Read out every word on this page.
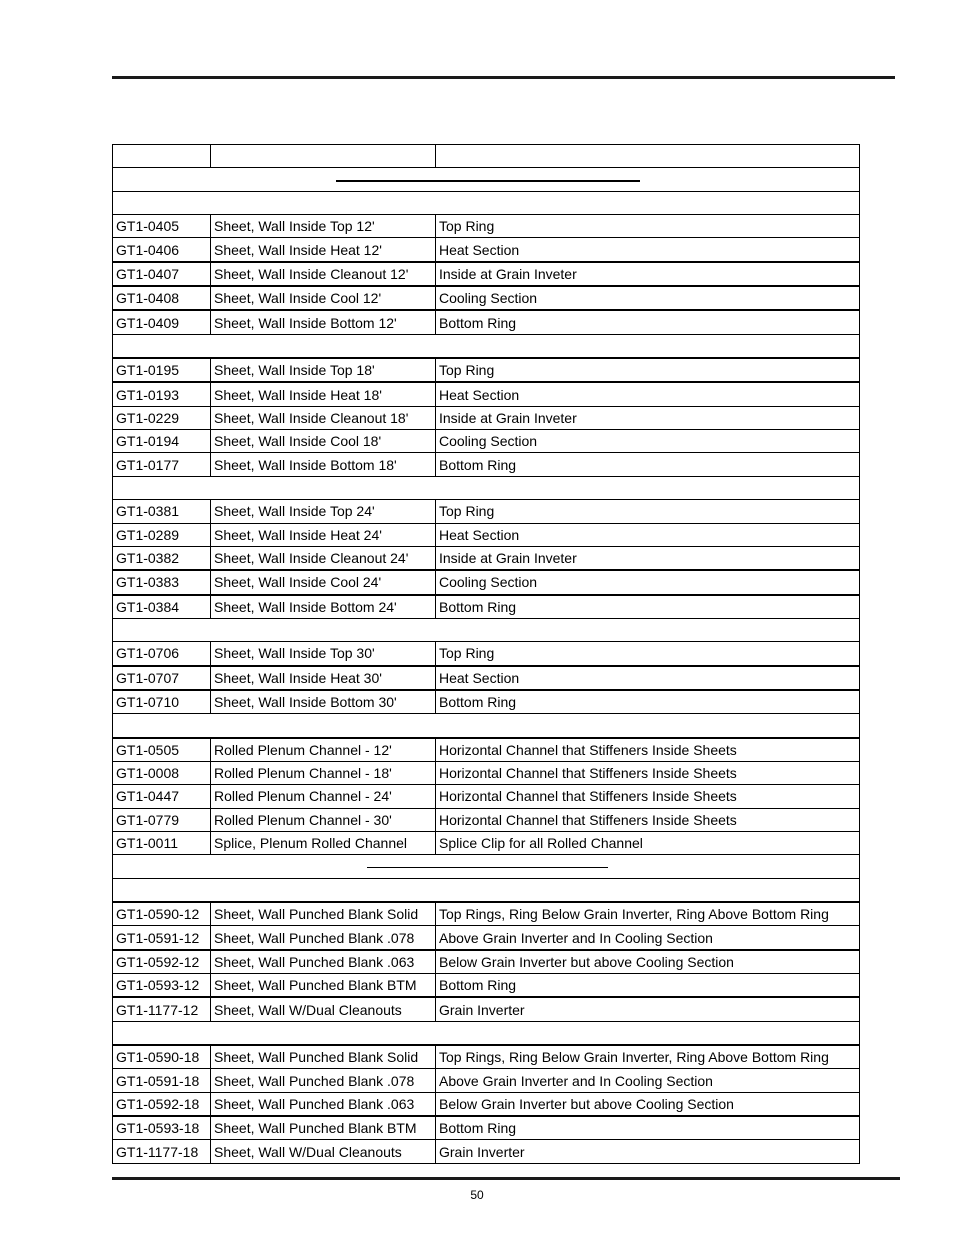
GT1-0405	Sheet, Wall Inside Top 12'	Top Ring
GT1-0406	Sheet, Wall Inside Heat 12'	Heat Section
GT1-0407	Sheet, Wall Inside Cleanout 12'	Inside at Grain Inveter
GT1-0408	Sheet, Wall Inside Cool 12'	Cooling Section
GT1-0409	Sheet, Wall Inside Bottom 12'	Bottom Ring

GT1-0195	Sheet, Wall Inside Top 18'	Top Ring
GT1-0193	Sheet, Wall Inside Heat 18'	Heat Section
GT1-0229	Sheet, Wall Inside Cleanout 18'	Inside at Grain Inveter
GT1-0194	Sheet, Wall Inside Cool 18'	Cooling Section
GT1-0177	Sheet, Wall Inside Bottom 18'	Bottom Ring

GT1-0381	Sheet, Wall Inside Top 24'	Top Ring
GT1-0289	Sheet, Wall Inside Heat 24'	Heat Section
GT1-0382	Sheet, Wall Inside Cleanout 24'	Inside at Grain Inveter
GT1-0383	Sheet, Wall Inside Cool 24'	Cooling Section
GT1-0384	Sheet, Wall Inside Bottom 24'	Bottom Ring

GT1-0706	Sheet, Wall Inside Top 30'	Top Ring
GT1-0707	Sheet, Wall Inside Heat 30'	Heat Section
GT1-0710	Sheet, Wall Inside Bottom 30'	Bottom Ring

GT1-0505	Rolled Plenum Channel - 12'	Horizontal Channel that Stiffeners Inside Sheets
GT1-0008	Rolled Plenum Channel - 18'	Horizontal Channel that Stiffeners Inside Sheets
GT1-0447	Rolled Plenum Channel - 24'	Horizontal Channel that Stiffeners Inside Sheets
GT1-0779	Rolled Plenum Channel - 30'	Horizontal Channel that Stiffeners Inside Sheets
GT1-0011	Splice, Plenum Rolled Channel	Splice Clip for all Rolled Channel

GT1-0590-12	Sheet, Wall Punched Blank Solid	Top Rings, Ring Below Grain Inverter, Ring Above Bottom Ring
GT1-0591-12	Sheet, Wall Punched Blank .078	Above Grain Inverter and In Cooling Section
GT1-0592-12	Sheet, Wall Punched Blank .063	Below Grain Inverter but above Cooling Section
GT1-0593-12	Sheet, Wall Punched Blank BTM	Bottom Ring
GT1-1177-12	Sheet, Wall W/Dual Cleanouts	Grain Inverter

GT1-0590-18	Sheet, Wall Punched Blank Solid	Top Rings, Ring Below Grain Inverter, Ring Above Bottom Ring
GT1-0591-18	Sheet, Wall Punched Blank .078	Above Grain Inverter and In Cooling Section
GT1-0592-18	Sheet, Wall Punched Blank .063	Below Grain Inverter but above Cooling Section
GT1-0593-18	Sheet, Wall Punched Blank BTM	Bottom Ring
GT1-1177-18	Sheet, Wall W/Dual Cleanouts	Grain Inverter
50
